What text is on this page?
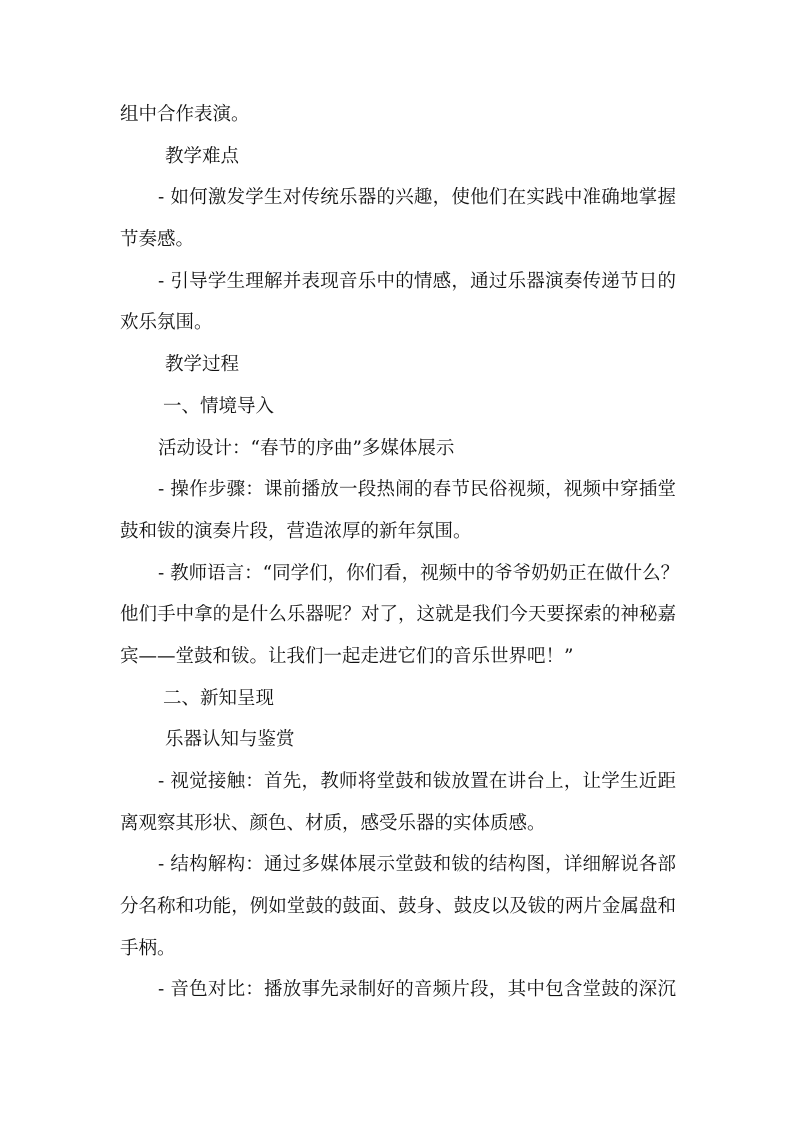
组中合作表演。
教学难点
- 如何激发学生对传统乐器的兴趣，使他们在实践中准确地掌握
节奏感。
- 引导学生理解并表现音乐中的情感，通过乐器演奏传递节日的
欢乐氛围。
教学过程
一、情境导入
活动设计：“春节的序曲”多媒体展示
- 操作步骤：课前播放一段热闹的春节民俗视频，视频中穿插堂
鼓和钹的演奏片段，营造浓厚的新年氛围。
- 教师语言：“同学们，你们看，视频中的爷爷奶奶正在做什么？
他们手中拿的是什么乐器呢？对了，这就是我们今天要探索的神秘嘉
宾——堂鼓和钹。让我们一起走进它们的音乐世界吧！”
二、新知呈现
乐器认知与鉴赏
- 视觉接触：首先，教师将堂鼓和钹放置在讲台上，让学生近距
离观察其形状、颜色、材质，感受乐器的实体质感。
- 结构解构：通过多媒体展示堂鼓和钹的结构图，详细解说各部
分名称和功能，例如堂鼓的鼓面、鼓身、鼓皮以及钹的两片金属盘和
手柄。
- 音色对比：播放事先录制好的音频片段，其中包含堂鼓的深沉
